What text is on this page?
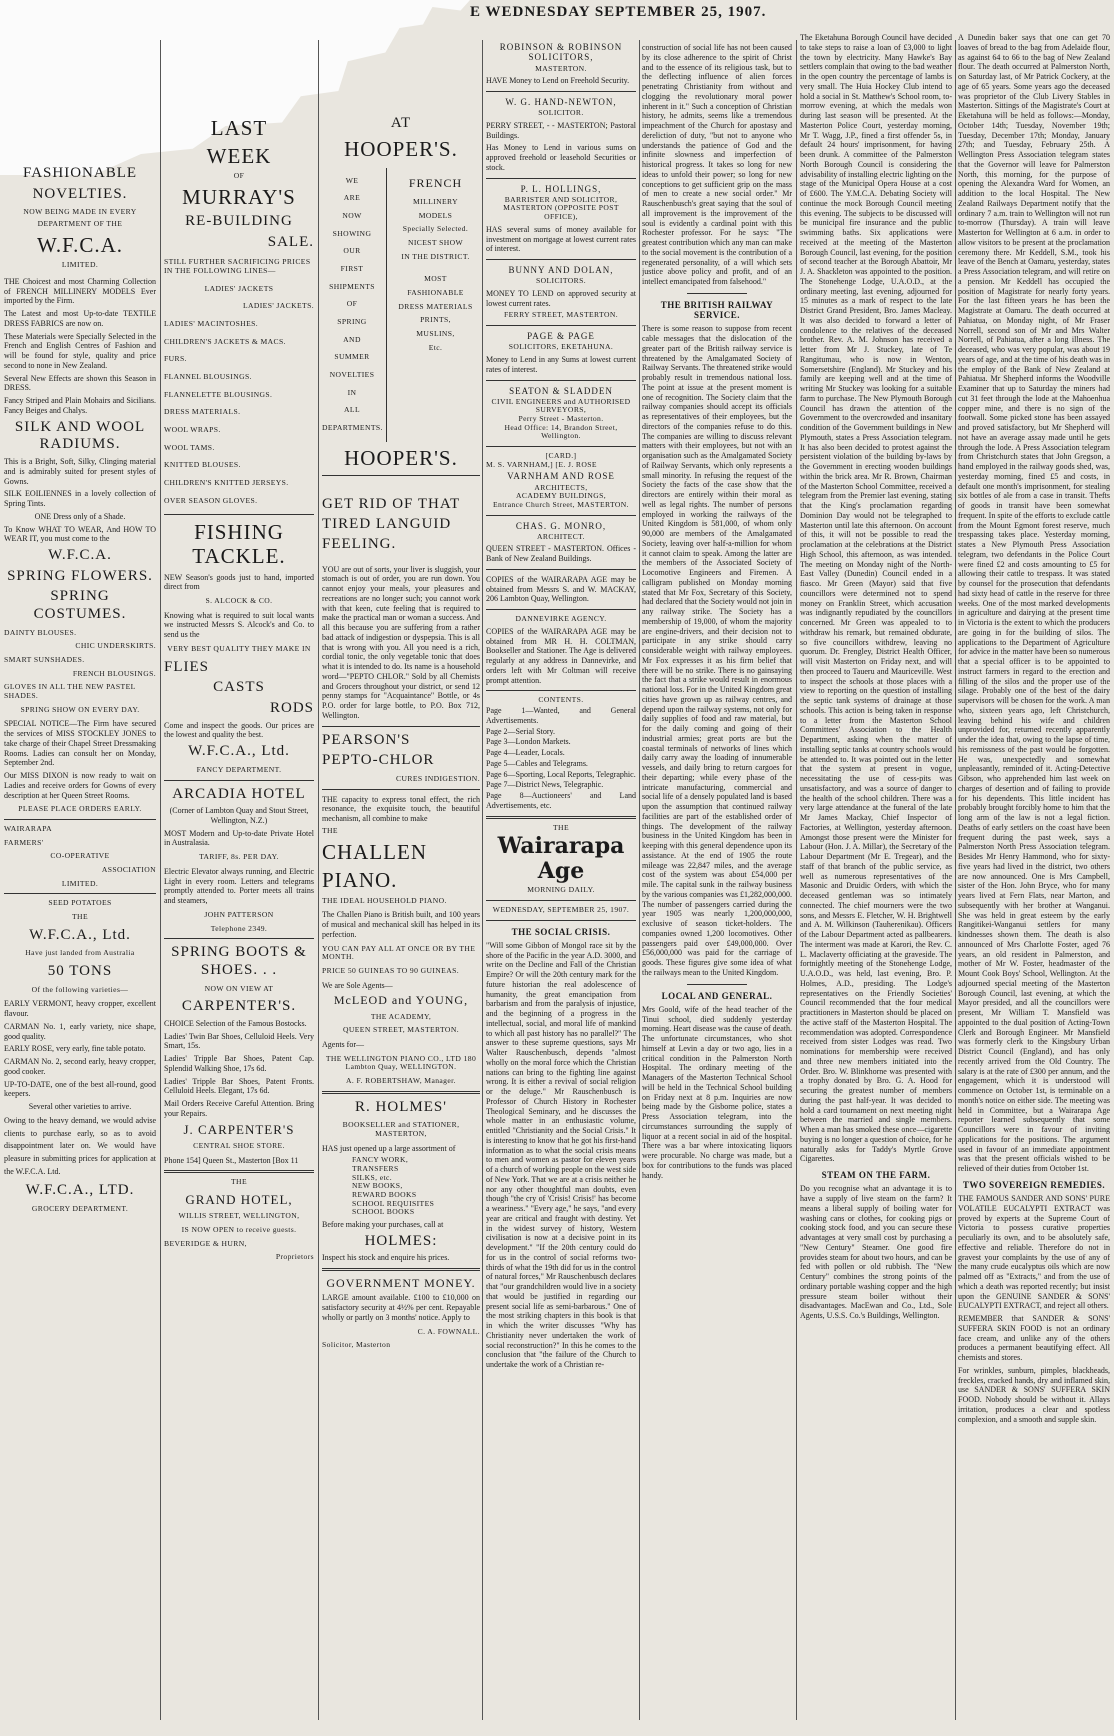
E WEDNESDAY SEPTEMBER 25, 1907.
FASHIONABLE
NOVELTIES.
NOW BEING MADE IN EVERY DEPARTMENT OF THE
W.F.C.A.
LIMITED.
THE Choicest and most Charming Collection of FRENCH MILLINERY MODELS Ever imported by the Firm.
The Latest and most Up-to-date TEXTILE DRESS FABRICS are now on.
These Materials were Specially Selected in the French and English Centres of Fashion and will be found for style, quality and price second to none in New Zealand.
Several New Effects are shown this Season in DRESS.
Fancy Striped and Plain Mohairs and Sicilians. Fancy Beiges and Chalys.
SILK AND WOOL RADIUMS.
This is a Bright, Soft, Silky, Clinging material and is admirably suited for present styles of Gowns.
SILK EOILIENNES in a lovely collection of Spring Tints.
ONE Dress only of a Shade.
To Know WHAT TO WEAR, And HOW TO WEAR IT, you must come to the
W.F.C.A.
SPRING FLOWERS.
SPRING COSTUMES.
DAINTY BLOUSES.
CHIC UNDERSKIRTS.
SMART SUNSHADES.
FRENCH BLOUSINGS.
GLOVES IN ALL THE NEW PASTEL SHADES.
SPRING SHOW ON EVERY DAY.
SPECIAL NOTICE—The Firm have secured the services of MISS STOCKLEY JONES to take charge of their Chapel Street Dressmaking Rooms. Ladies can consult her on Monday, September 2nd.
Our MISS DIXON is now ready to wait on Ladies and receive orders for Gowns of every description at her Queen Street Rooms.
PLEASE PLACE ORDERS EARLY.
WAIRARAPA
FARMERS'
CO-OPERATIVE
ASSOCIATION
LIMITED.
SEED POTATOES
THE
W.F.C.A., Ltd.
Have just landed from Australia
50 TONS
Of the following varieties—
EARLY VERMONT, heavy cropper, excellent flavour.
CARMAN No. 1, early variety, nice shape, good quality.
EARLY ROSE, very early, fine table potato.
CARMAN No. 2, second early, heavy cropper, good cooker.
UP-TO-DATE, one of the best all-round, good keepers.
Several other varieties to arrive.
Owing to the heavy demand, we would advise clients to purchase early, so as to avoid disappointment later on. We would have pleasure in submitting prices for application at the W.F.C.A. Ltd.
W.F.C.A., LTD.
GROCERY DEPARTMENT.
LAST
WEEK
OF
MURRAY'S
RE-BUILDING
SALE.
STILL FURTHER SACRIFICING PRICES IN THE FOLLOWING LINES—
LADIES' JACKETS
LADIES' JACKETS.
LADIES' MACINTOSHES.
CHILDREN'S JACKETS & MACS.
FURS.
FLANNEL BLOUSINGS.
FLANNELETTE BLOUSINGS.
DRESS MATERIALS.
WOOL WRAPS.
WOOL TAMS.
KNITTED BLOUSES.
CHILDREN'S KNITTED JERSEYS.
OVER SEASON GLOVES.
FISHING TACKLE.
NEW Season's goods just to hand, imported direct from
S. ALCOCK & CO.
Knowing what is required to suit local wants we instructed Messrs S. Alcock's and Co. to send us the
VERY BEST QUALITY THEY MAKE IN
FLIES
CASTS
RODS
Come and inspect the goods. Our prices are the lowest and quality the best.
W.F.C.A., Ltd.
FANCY DEPARTMENT.
ARCADIA HOTEL
(Corner of Lambton Quay and Stout Street, Wellington, N.Z.)
MOST Modern and Up-to-date Private Hotel in Australasia.
TARIFF, 8s. PER DAY.
Electric Elevator always running, and Electric Light in every room. Letters and telegrams promptly attended to. Porter meets all trains and steamers,
JOHN PATTERSON
Telephone 2349.
SPRING BOOTS & SHOES. . .
NOW ON VIEW AT
CARPENTER'S.
CHOICE Selection of the Famous Bostocks.
Ladies' Twin Bar Shoes, Celluloid Heels. Very Smart, 15s.
Ladies' Tripple Bar Shoes, Patent Cap. Splendid Walking Shoe, 17s 6d.
Ladies' Tripple Bar Shoes, Patent Fronts. Celluloid Heels. Elegant, 17s 6d.
Mail Orders Receive Careful Attention. Bring your Repairs.
J. CARPENTER'S
CENTRAL SHOE STORE.
Phone 154] Queen St., Masterton [Box 11
THE
GRAND HOTEL,
WILLIS STREET, WELLINGTON,
IS NOW OPEN to receive guests.
BEVERIDGE & HURN,
Proprietors
AT
HOOPER'S.
WE
ARE
NOW
SHOWING
OUR
FIRST
SHIPMENTS
OF
SPRING
AND
SUMMER
NOVELTIES
IN
ALL
DEPARTMENTS.
FRENCH
MILLINERY
MODELS
Specially Selected.
NICEST SHOW
IN THE DISTRICT.
MOST
FASHIONABLE
DRESS MATERIALS
PRINTS,
MUSLINS,
Etc.
HOOPER'S.
GET RID OF THAT TIRED LANGUID FEELING.
YOU are out of sorts, your liver is sluggish, your stomach is out of order, you are run down. You cannot enjoy your meals, your pleasures and recreations are no longer such; you cannot work with that keen, cute feeling that is required to make the practical man or woman a success. And all this because you are suffering from a rather bad attack of indigestion or dyspepsia. This is all that is wrong with you. All you need is a rich, cordial tonic, the only vegetable tonic that does what it is intended to do. Its name is a household word—"PEPTO CHLOR." Sold by all Chemists and Grocers throughout your district, or send 12 penny stamps for "Acquaintance" Bottle, or 4s P.O. order for large bottle, to P.O. Box 712, Wellington.
PEARSON'S
PEPTO-CHLOR
CURES INDIGESTION.
THE capacity to express tonal effect, the rich resonance, the exquisite touch, the beautiful mechanism, all combine to make
THE
CHALLEN
PIANO.
THE IDEAL HOUSEHOLD PIANO.
The Challen Piano is British built, and 100 years of musical and mechanical skill has helped in its perfection.
YOU CAN PAY ALL AT ONCE OR BY THE MONTH.
PRICE 50 GUINEAS TO 90 GUINEAS.
We are Sole Agents—
McLEOD and YOUNG,
THE ACADEMY,
QUEEN STREET, MASTERTON.
Agents for—
THE WELLINGTON PIANO CO., LTD 180 Lambton Quay, WELLINGTON.
A. F. ROBERTSHAW, Manager.
R. HOLMES'
BOOKSELLER and STATIONER, MASTERTON,
HAS just opened up a large assortment of
FANCY WORK,
TRANSFERS
SILKS, etc.
NEW BOOKS,
REWARD BOOKS
SCHOOL REQUISITES
SCHOOL BOOKS
Before making your purchases, call at
HOLMES:
Inspect his stock and enquire his prices.
GOVERNMENT MONEY.
LARGE amount available. £100 to £10,000 on satisfactory security at 4½% per cent. Repayable wholly or partly on 3 months' notice. Apply to
C. A. FOWNALL.
Solicitor, Masterton
ROBINSON & ROBINSON SOLICITORS,
MASTERTON.
HAVE Money to Lend on Freehold Security.
W. G. HAND-NEWTON,
SOLICITOR.
PERRY STREET, - - MASTERTON; Pastoral Buildings.
Has Money to Lend in various sums on approved freehold or leasehold Securities or stock.
P. L. HOLLINGS,
BARRISTER AND SOLICITOR,
MASTERTON (OPPOSITE POST OFFICE),
HAS several sums of money available for investment on mortgage at lowest current rates of interest.
BUNNY AND DOLAN,
SOLICITORS.
MONEY TO LEND on approved security at lowest current rates.
FERRY STREET, MASTERTON.
PAGE & PAGE
SOLICITORS, EKETAHUNA.
Money to Lend in any Sums at lowest current rates of interest.
SEATON & SLADDEN
CIVIL ENGINEERS and AUTHORISED SURVEYORS,
Perry Street - Masterton.
Head Office: 14, Brandon Street, Wellington.
[CARD.]
M. S. VARNHAM,] [E. J. ROSE
VARNHAM AND ROSE
ARCHITECTS,
ACADEMY BUILDINGS,
Entrance Church Street, MASTERTON.
CHAS. G. MONRO,
ARCHITECT.
QUEEN STREET - MASTERTON. Offices - Bank of New Zealand Buildings.
COPIES of the WAIRARAPA AGE may be obtained from Messrs S. and W. MACKAY, 206 Lambton Quay, Wellington.
DANNEVIRKE AGENCY.
COPIES of the WAIRARAPA AGE may be obtained from MR H. H. COLTMAN, Bookseller and Stationer. The Age is delivered regularly at any address in Dannevirke, and orders left with Mr Coltman will receive prompt attention.
CONTENTS.
Page 1—Wanted, and General Advertisements.
Page 2—Serial Story.
Page 3—London Markets.
Page 4—Leader, Locals.
Page 5—Cables and Telegrams.
Page 6—Sporting, Local Reports, Telegraphic.
Page 7—District News, Telegraphic.
Page 8—Auctioneers' and Land Advertisements, etc.
THE
Wairarapa Age
MORNING DAILY.
WEDNESDAY, SEPTEMBER 25, 1907.
THE SOCIAL CRISIS.
"Will some Gibbon of Mongol race sit by the shore of the Pacific in the year A.D. 3000, and write on the Decline and Fall of the Christian Empire? Or will the 20th century mark for the future historian the real adolescence of humanity, the great emancipation from barbarism and from the paralysis of injustice, and the beginning of a progress in the intellectual, social, and moral life of mankind to which all past history has no parallel?" The answer to these supreme questions, says Mr Walter Rauschenbusch, depends "almost wholly on the moral force which the Christian nations can bring to the fighting line against wrong. It is either a revival of social religion or the deluge." Mr Rauschenbusch is Professor of Church History in Rochester Theological Seminary, and he discusses the whole matter in an enthusiastic volume, entitled "Christianity and the Social Crisis." It is interesting to know that he got his first-hand information as to what the social crisis means to men and women as pastor for eleven years of a church of working people on the west side of New York. That we are at a crisis neither he nor any other thoughtful man doubts, even though "the cry of 'Crisis! Crisis!' has become a weariness." "Every age," he says, "and every year are critical and fraught with destiny. Yet in the widest survey of history, Western civilisation is now at a decisive point in its development." "If the 20th century could do for us in the control of social reforms two-thirds of what the 19th did for us in the control of natural forces," Mr Rauschenbusch declares that "our grandchildren would live in a society that would be justified in regarding our present social life as semi-barbarous." One of the most striking chapters in this book is that in which the writer discusses "Why has Christianity never undertaken the work of social reconstruction?" In this he comes to the conclusion that "the failure of the Church to undertake the work of a Christian re-
construction of social life has not been caused by its close adherence to the spirit of Christ and to the essence of its religious task, but to the deflecting influence of alien forces penetrating Christianity from without and clogging the revolutionary moral power inherent in it." Such a conception of Christian history, he admits, seems like a tremendous impeachment of the Church for apostasy and dereliction of duty, "but not to anyone who understands the patience of God and the infinite slowness and imperfection of historical progress. It takes so long for new ideas to unfold their power; so long for new conceptions to get sufficient grip on the mass of men to create a new social order." Mr Rauschenbusch's great saying that the soul of all improvement is the improvement of the soul is evidently a cardinal point with this Rochester professor. For he says: "The greatest contribution which any man can make to the social movement is the contribution of a regenerated personality, of a will which sets justice above policy and profit, and of an intellect emancipated from falsehood."
THE BRITISH RAILWAY SERVICE.
There is some reason to suppose from recent cable messages that the dislocation of the greater part of the British railway service is threatened by the Amalgamated Society of Railway Servants. The threatened strike would probably result in tremendous national loss. The point at issue at the present moment is one of recognition. The Society claim that the railway companies should accept its officials as representatives of their employees, but the directors of the companies refuse to do this. The companies are willing to discuss relevant matters with their employees, but not with an organisation such as the Amalgamated Society of Railway Servants, which only represents a small minority. In refusing the request of the Society the facts of the case show that the directors are entirely within their moral as well as legal rights. The number of persons employed in working the railways of the United Kingdom is 581,000, of whom only 90,000 are members of the Amalgamated Society, leaving over half-a-million for whom it cannot claim to speak. Among the latter are the members of the Associated Society of Locomotive Engineers and Firemen. A calligram published on Monday morning stated that Mr Fox, Secretary of this Society, had declared that the Society would not join in any railway strike. The Society has a membership of 19,000, of whom the majority are engine-drivers, and their decision not to participate in any strike should carry considerable weight with railway employees. Mr Fox expresses it as his firm belief that there will be no strike. There is no gainsaying the fact that a strike would result in enormous national loss. For in the United Kingdom great cities have grown up as railway centres, and depend upon the railway systems, not only for daily supplies of food and raw material, but for the daily coming and going of their industrial armies; great ports are but the coastal terminals of networks of lines which daily carry away the loading of innumerable vessels, and daily bring to return cargoes for their departing; while every phase of the intricate manufacturing, commercial and social life of a densely populated land is based upon the assumption that continued railway facilities are part of the established order of things. The development of the railway business in the United Kingdom has been in keeping with this general dependence upon its assistance. At the end of 1905 the route mileage was 22,847 miles, and the average cost of the system was about £54,000 per mile. The capital sunk in the railway business by the various companies was £1,282,000,000. The number of passengers carried during the year 1905 was nearly 1,200,000,000, exclusive of season ticket-holders. The companies owned 1,200 locomotives. Other passengers paid over £49,000,000. Over £56,000,000 was paid for the carriage of goods. These figures give some idea of what the railways mean to the United Kingdom.
LOCAL AND GENERAL.
Mrs Goold, wife of the head teacher of the Tinui school, died suddenly yesterday morning. Heart disease was the cause of death. The unfortunate circumstances, who shot himself at Levin a day or two ago, lies in a critical condition in the Palmerston North Hospital. The ordinary meeting of the Managers of the Masterton Technical School will be held in the Technical School building on Friday next at 8 p.m. Inquiries are now being made by the Gisborne police, states a Press Association telegram, into the circumstances surrounding the supply of liquor at a recent social in aid of the hospital. There was a bar where intoxicating liquors were procurable. No charge was made, but a box for contributions to the funds was placed handy.
The Eketahuna Borough Council have decided to take steps to raise a loan of £3,000 to light the town by electricity. Many Hawke's Bay settlers complain that owing to the bad weather in the open country the percentage of lambs is very small. The Huia Hockey Club intend to hold a social in St. Matthew's School room, to-morrow evening, at which the medals won during last season will be presented. At the Masterton Police Court, yesterday morning, Mr T. Wagg, J.P., fined a first offender 5s, in default 24 hours' imprisonment, for having been drunk. A committee of the Palmerston North Borough Council is considering the advisability of installing electric lighting on the stage of the Municipal Opera House at a cost of £600. The Y.M.C.A. Debating Society will continue the mock Borough Council meeting this evening. The subjects to be discussed will be municipal fire insurance and the public swimming baths. Six applications were received at the meeting of the Masterton Borough Council, last evening, for the position of second teacher at the Borough Abattoir, Mr J. A. Shackleton was appointed to the position. The Stonehenge Lodge, U.A.O.D., at the ordinary meeting, last evening, adjourned for 15 minutes as a mark of respect to the late District Grand President, Bro. James Macleay. It was also decided to forward a letter of condolence to the relatives of the deceased brother. Rev. A. M. Johnson has received a letter from Mr J. Stuckey, late of Te Rangitumau, who is now in Wenton, Somersetshire (England). Mr Stuckey and his family are keeping well and at the time of writing Mr Stuckey was looking for a suitable farm to purchase. The New Plymouth Borough Council has drawn the attention of the Government to the overcrowded and insanitary condition of the Government buildings in New Plymouth, states a Press Association telegram. It has also been decided to protest against the persistent violation of the building by-laws by the Government in erecting wooden buildings within the brick area. Mr R. Brown, Chairman of the Masterton School Committee, received a telegram from the Premier last evening, stating that the King's proclamation regarding Dominion Day would not be telegraphed to Masterton until late this afternoon. On account of this, it will not be possible to read the proclamation at the celebrations at the District High School, this afternoon, as was intended. The meeting on Monday night of the North-East Valley (Dunedin) Council ended in a fiasco. Mr Green (Mayor) said that five councillors were determined not to spend money on Franklin Street, which accusation was indignantly repudiated by the councillors concerned. Mr Green was appealed to to withdraw his remark, but remained obdurate, so five councillors withdrew, leaving no quorum. Dr. Frengley, District Health Officer, will visit Masterton on Friday next, and will then proceed to Taueru and Mauriceville. West to inspect the schools at those places with a view to reporting on the question of installing the septic tank systems of drainage at those schools. This action is being taken in response to a letter from the Masterton School Committees' Association to the Health Department, asking when the matter of installing septic tanks at country schools would be attended to. It was pointed out in the letter that the system at present in vogue, necessitating the use of cess-pits was unsatisfactory, and was a source of danger to the health of the school children. There was a very large attendance at the funeral of the late Mr James Mackay, Chief Inspector of Factories, at Wellington, yesterday afternoon. Amongst those present were the Minister for Labour (Hon. J. A. Millar), the Secretary of the Labour Department (Mr E. Tregear), and the staff of that branch of the public service, as well as numerous representatives of the Masonic and Druidic Orders, with which the deceased gentleman was so intimately connected. The chief mourners were the two sons, and Messrs E. Fletcher, W. H. Brightwell and A. M. Wilkinson (Tauherenikau). Officers of the Labour Department acted as pallbearers. The interment was made at Karori, the Rev. C. L. Maclaverty officiating at the graveside. The fortnightly meeting of the Stonehenge Lodge, U.A.O.D., was held, last evening, Bro. P. Holmes, A.D., presiding. The Lodge's representatives on the Friendly Societies' Council recommended that the four medical practitioners in Masterton should be placed on the active staff of the Masterton Hospital. The recommendation was adopted. Correspondence received from sister Lodges was read. Two nominations for membership were received and three new members initiated into the Order. Bro. W. Blinkhorne was presented with a trophy donated by Bro. G. A. Hood for securing the greatest number of members during the past half-year. It was decided to hold a card tournament on next meeting night between the married and single members. When a man has smoked these once—cigarette buying is no longer a question of choice, for he naturally asks for Taddy's Myrtle Grove Cigarettes.
STEAM ON THE FARM.
Do you recognise what an advantage it is to have a supply of live steam on the farm? It means a liberal supply of boiling water for washing cans or clothes, for cooking pigs or cooking stock food, and you can secure these advantages at very small cost by purchasing a "New Century" Steamer. One good fire provides steam for about two hours, and can be fed with pollen or old rubbish. The "New Century" combines the strong points of the ordinary portable washing copper and the high pressure steam boiler without their disadvantages. MacEwan and Co., Ltd., Sole Agents, U.S.S. Co.'s Buildings, Wellington.
A Dunedin baker says that one can get 70 loaves of bread to the bag from Adelaide flour, as against 64 to 66 to the bag of New Zealand flour. The death occurred at Palmerston North, on Saturday last, of Mr Patrick Cockery, at the age of 65 years. Some years ago the deceased was proprietor of the Club Livery Stables in Masterton. Sittings of the Magistrate's Court at Eketahuna will be held as follows:—Monday, October 14th; Tuesday, November 19th; Tuesday, December 17th; Monday, January 27th; and Tuesday, February 25th. A Wellington Press Association telegram states that the Governor will leave for Palmerston North, this morning, for the purpose of opening the Alexandra Ward for Women, an addition to the local Hospital. The New Zealand Railways Department notify that the ordinary 7 a.m. train to Wellington will not run to-morrow (Thursday). A train will leave Masterton for Wellington at 6 a.m. in order to allow visitors to be present at the proclamation ceremony there. Mr Keddell, S.M., took his leave of the Bench at Oamaru, yesterday, states a Press Association telegram, and will retire on a pension. Mr Keddell has occupied the position of Magistrate for nearly forty years. For the last fifteen years he has been the Magistrate at Oamaru. The death occurred at Pahiatua, on Monday night, of Mr Fraser Norrell, second son of Mr and Mrs Walter Norrell, of Pahiatua, after a long illness. The deceased, who was very popular, was about 19 years of age, and at the time of his death was in the employ of the Bank of New Zealand at Pahiatua. Mr Shepherd informs the Woodville Examiner that up to Saturday the miners had cut 31 feet through the lode at the Mahoenhua copper mine, and there is no sign of the footwall. Some picked stone has been assayed and proved satisfactory, but Mr Shepherd will not have an average assay made until he gets through the lode. A Press Association telegram from Christchurch states that John Gregson, a hand employed in the railway goods shed, was, yesterday morning, fined £5 and costs, in default one month's imprisonment, for stealing six bottles of ale from a case in transit. Thefts of goods in transit have been somewhat frequent. In spite of the efforts to exclude cattle from the Mount Egmont forest reserve, much trespassing takes place. Yesterday morning, states a New Plymouth Press Association telegram, two defendants in the Police Court were fined £2 and costs amounting to £5 for allowing their cattle to trespass. It was stated by counsel for the prosecution that defendants had sixty head of cattle in the reserve for three weeks. One of the most marked developments in agriculture and dairying at the present time in Victoria is the extent to which the producers are going in for the building of silos. The applications to the Department of Agriculture for advice in the matter have been so numerous that a special officer is to be appointed to instruct farmers in regard to the erection and filling of the silos and the proper use of the silage. Probably one of the best of the dairy supervisors will be chosen for the work. A man who, sixteen years ago, left Christchurch, leaving behind his wife and children unprovided for, returned recently apparently under the idea that, owing to the lapse of time, his remissness of the past would be forgotten. He was, unexpectedly and somewhat unpleasantly, reminded of it. Acting-Detective Gibson, who apprehended him last week on charges of desertion and of failing to provide for his dependents. This little incident has probably brought forcibly home to him that the long arm of the law is not a legal fiction. Deaths of early settlers on the coast have been frequent during the past week, says a Palmerston North Press Association telegram. Besides Mr Henry Hammond, who for sixty-five years had lived in the district, two others are now announced. One is Mrs Campbell, sister of the Hon. John Bryce, who for many years lived at Fern Flats, near Marton, and subsequently with her brother at Wanganui. She was held in great esteem by the early Rangitikei-Wanganui settlers for many kindnesses shown them. The death is also announced of Mrs Charlotte Foster, aged 76 years, an old resident in Palmerston, and mother of Mr W. Foster, headmaster of the Mount Cook Boys' School, Wellington. At the adjourned special meeting of the Masterton Borough Council, last evening, at which the Mayor presided, and all the councillors were present, Mr William T. Mansfield was appointed to the dual position of Acting-Town Clerk and Borough Engineer. Mr Mansfield was formerly clerk to the Kingsbury Urban District Council (England), and has only recently arrived from the Old Country. The salary is at the rate of £300 per annum, and the engagement, which it is understood will commence on October 1st, is terminable on a month's notice on either side. The meeting was held in Committee, but a Wairarapa Age reporter learned subsequently that some Councillors were in favour of inviting applications for the positions. The argument used in favour of an immediate appointment was that the present officials wished to be relieved of their duties from October 1st.
TWO SOVEREIGN REMEDIES.
THE FAMOUS SANDER AND SONS' PURE VOLATILE EUCALYPTI EXTRACT was proved by experts at the Supreme Court of Victoria to possess curative properties peculiarly its own, and to be absolutely safe, effective and reliable. Therefore do not in gravest your complaints by the use of any of the many crude eucalyptus oils which are now palmed off as "Extracts," and from the use of which a death was reported recently; but insist upon the GENUINE SANDER & SONS' EUCALYPTI EXTRACT, and reject all others.
REMEMBER that SANDER & SONS' SUFFERA SKIN FOOD is not an ordinary face cream, and unlike any of the others produces a permanent beautifying effect. All chemists and stores.
For wrinkles, sunburn, pimples, blackheads, freckles, cracked hands, dry and inflamed skin, use SANDER & SONS' SUFFERA SKIN FOOD. Nobody should be without it. Allays irritation, produces a clear and spotless complexion, and a smooth and supple skin.
